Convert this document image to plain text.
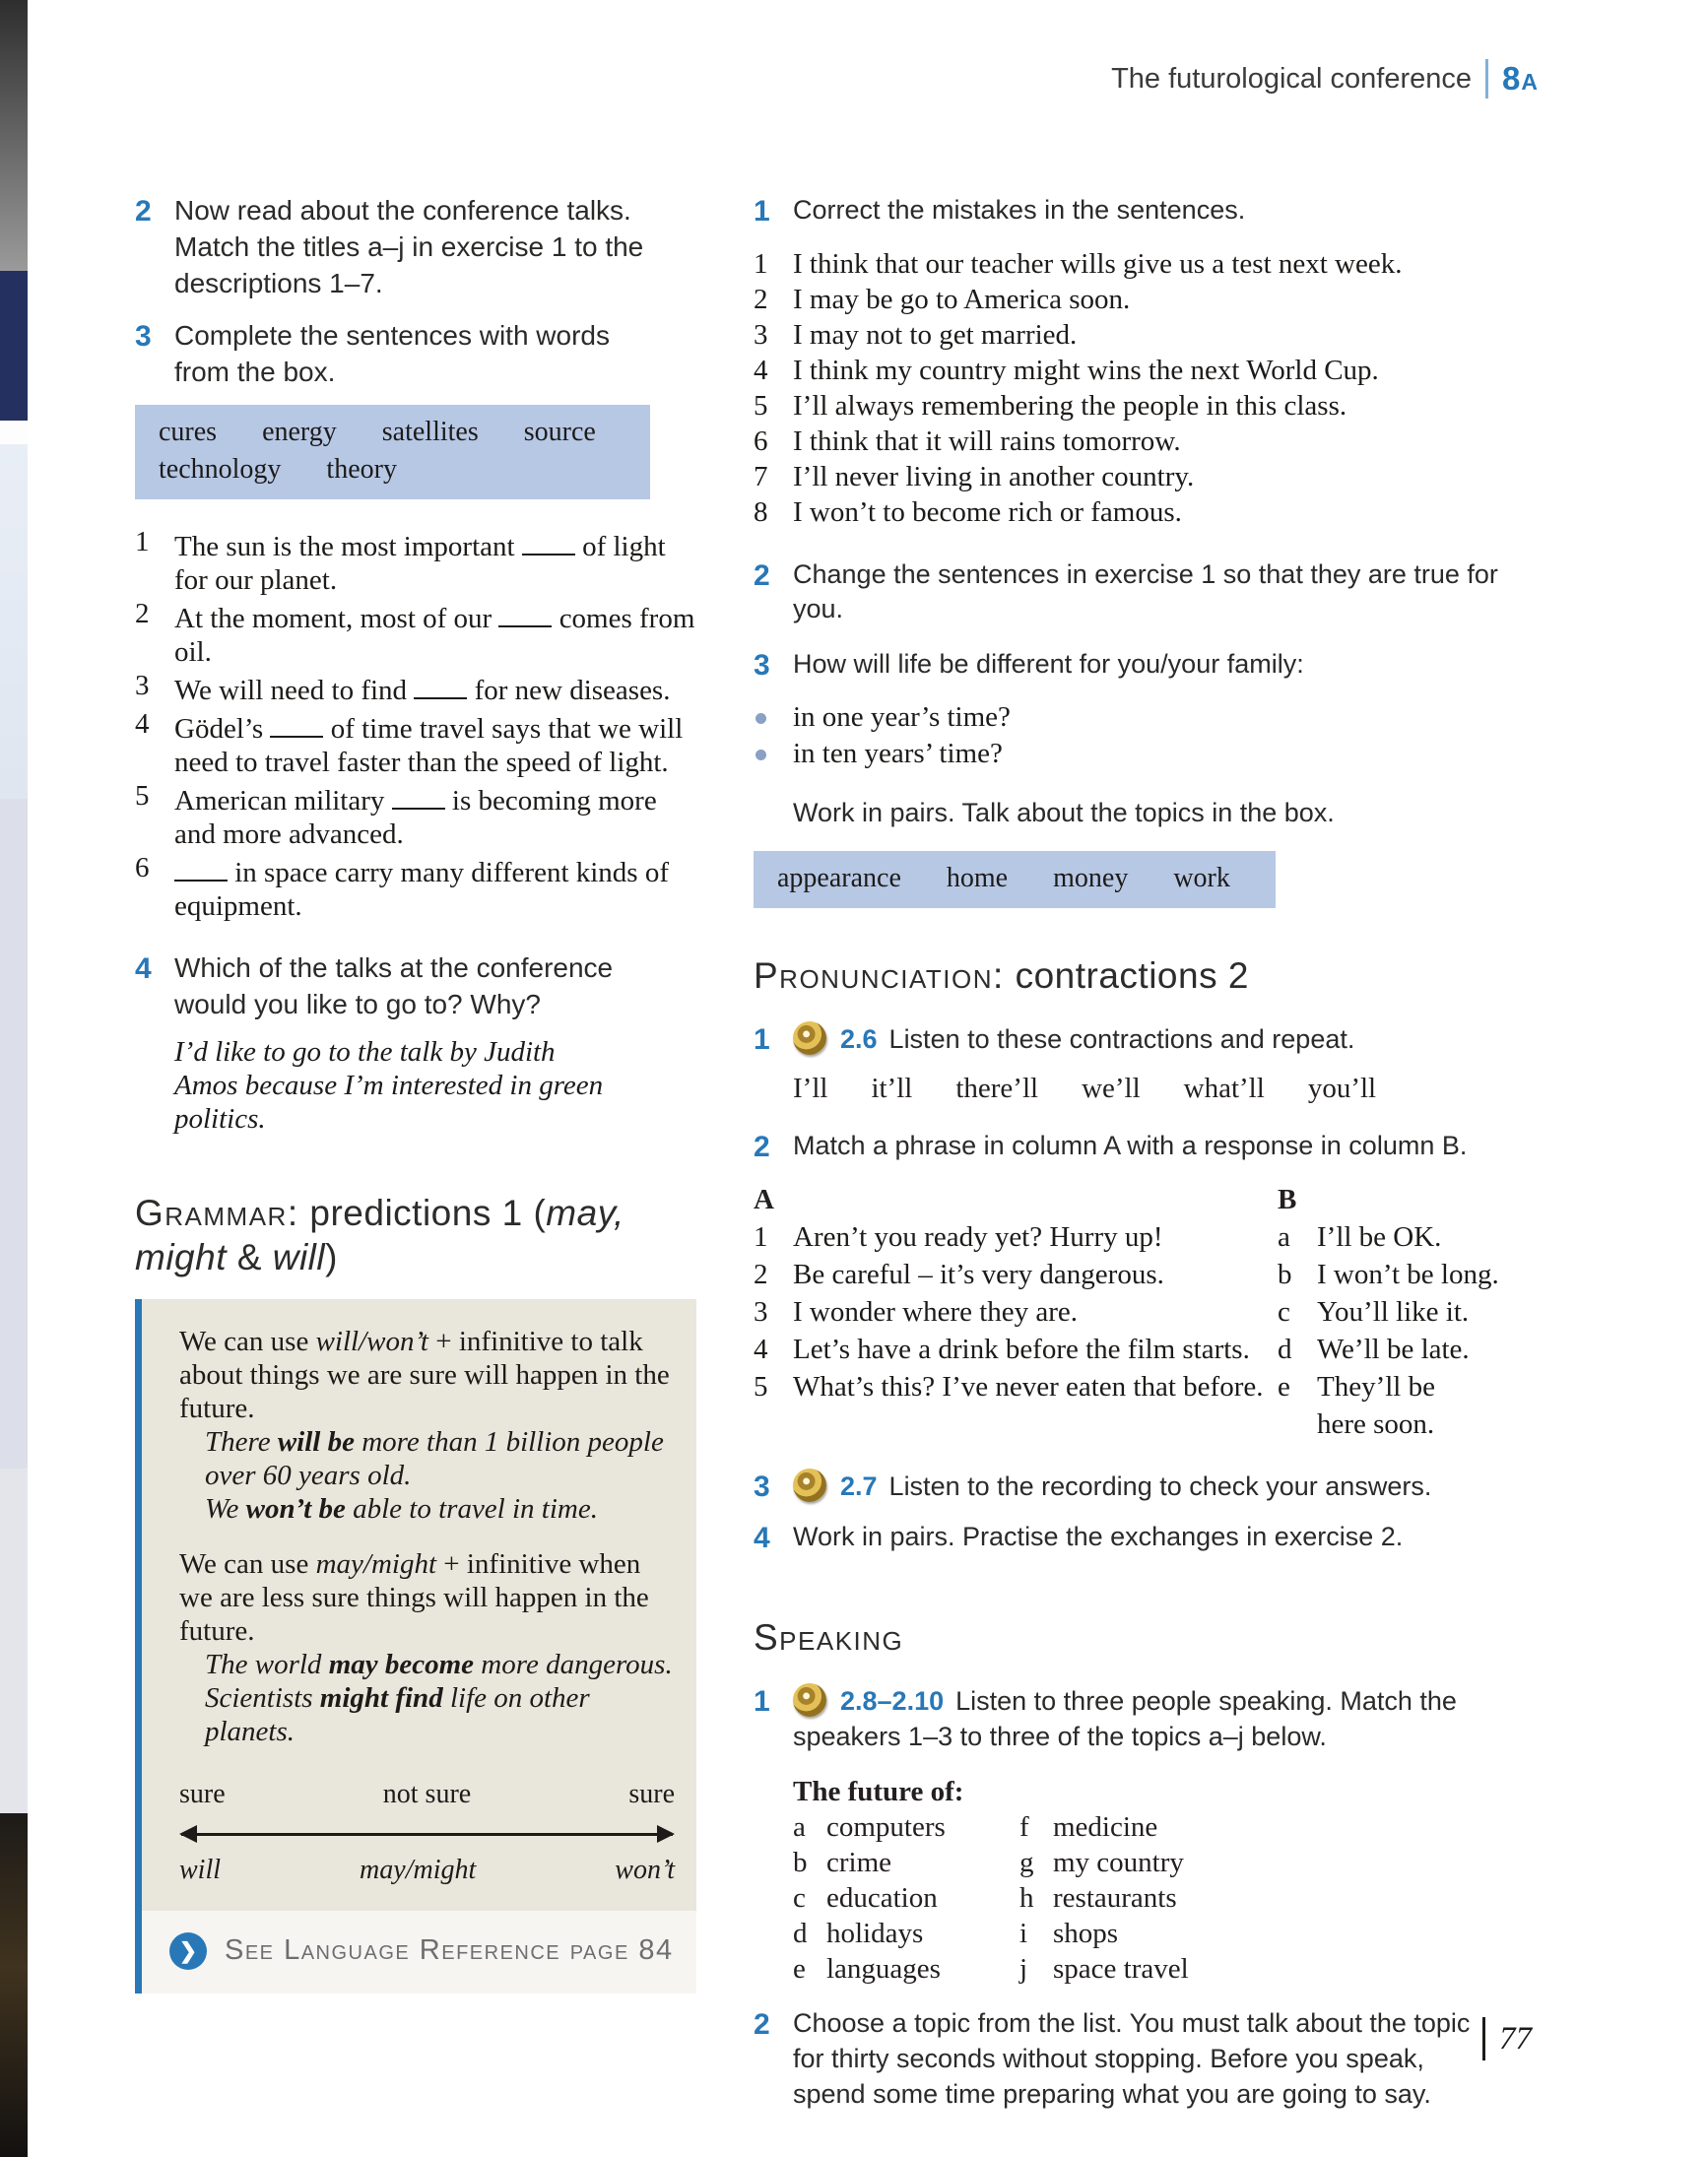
The futurological conference 8a
2 Now read about the conference talks. Match the titles a–j in exercise 1 to the descriptions 1–7.
3 Complete the sentences with words from the box.
cures energy satellites source
technology theory
1 The sun is the most important  of light for our planet.
2 At the moment, most of our  comes from oil.
3 We will need to find  for new diseases.
4 Gödel’s  of time travel says that we will need to travel faster than the speed of light.
5 American military  is becoming more and more advanced.
6	in space carry many different kinds of equipment.
4 Which of the talks at the conference would you like to go to? Why?
I’d like to go to the talk by Judith Amos because I’m interested in green politics.
Grammar: predictions 1 (may, might & will)
We can use will/won’t + infinitive to talk about things we are sure will happen in the future.
There will be more than 1 billion people over 60 years old.
We won’t be able to travel in time.
We can use may/might + infinitive when we are less sure things will happen in the future.
The world may become more dangerous.
Scientists might find life on other planets.
sure	not sure	sure
will	may/might	won’t
❯
See Language Reference page 84
1 Correct the mistakes in the sentences.
1 I think that our teacher wills give us a test next week.
2 I may be go to America soon.
3 I may not to get married.
4 I think my country might wins the next World Cup.
5 I’ll always remembering the people in this class.
6 I think that it will rains tomorrow.
7 I’ll never living in another country.
8 I won’t to become rich or famous.
2 Change the sentences in exercise 1 so that they are true for you.
3 How will life be different for you/your family:
in one year’s time?
in ten years’ time?
Work in pairs. Talk about the topics in the box.
appearance home money work
Pronunciation: contractions 2
1	2.6 Listen to these contractions and repeat.
I’ll it’ll there’ll we’ll what’ll you’ll
2 Match a phrase in column A with a response in column B.
A
1 Aren’t you ready yet? Hurry up!
2 Be careful – it’s very dangerous.
3 I wonder where they are.
4 Let’s have a drink before the film starts.
5 What’s this? I’ve never eaten that before.
B
a I’ll be OK.
b I won’t be long.
c You’ll like it.
d We’ll be late.
e They’ll be here soon.
3	2.7 Listen to the recording to check your answers.
4 Work in pairs. Practise the exchanges in exercise 2.
Speaking
1	2.8–2.10 Listen to three people speaking. Match the speakers 1–3 to three of the topics a–j below.
The future of:
a computers
b crime
c education
d holidays
e languages
f medicine
g my country
h restaurants
i shops
j space travel
2 Choose a topic from the list. You must talk about the topic for thirty seconds without stopping. Before you speak, spend some time preparing what you are going to say.
77
